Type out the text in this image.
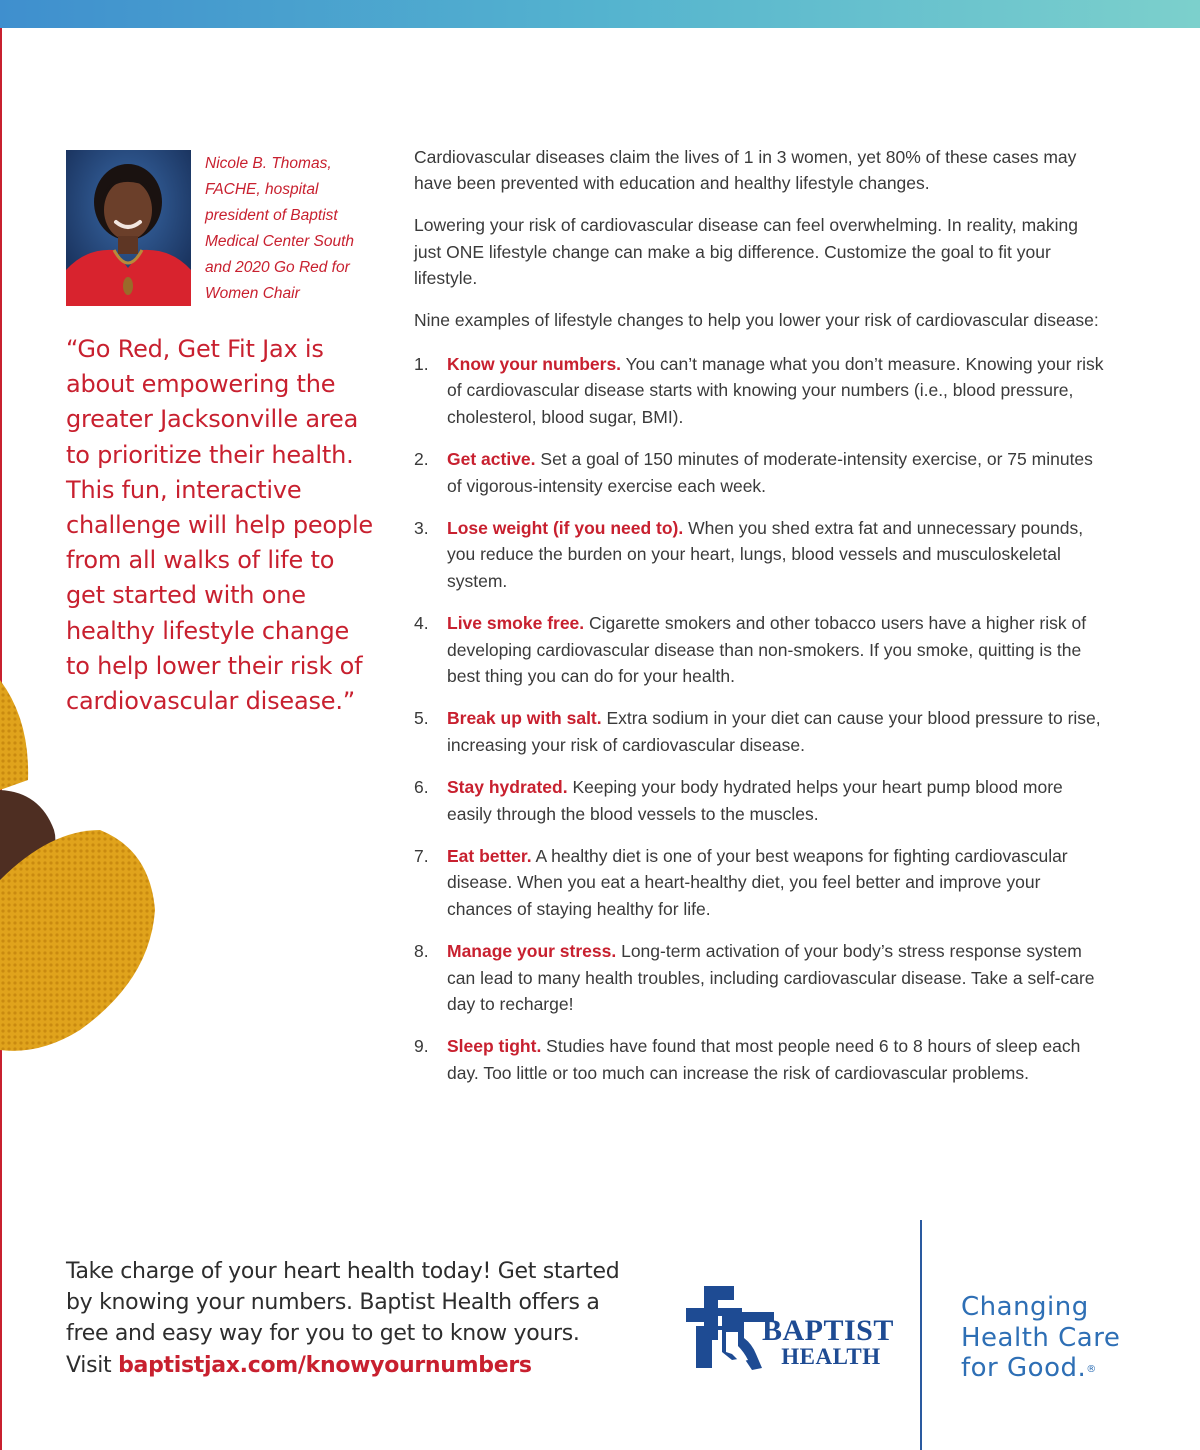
Nicole B. Thomas, FACHE, hospital president of Baptist Medical Center South and 2020 Go Red for Women Chair
“Go Red, Get Fit Jax is about empowering the greater Jacksonville area to prioritize their health. This fun, interactive challenge will help people from all walks of life to get started with one healthy lifestyle change to help lower their risk of cardiovascular disease.”

Cardiovascular diseases claim the lives of 1 in 3 women, yet 80% of these cases may have been prevented with education and healthy lifestyle changes.

Lowering your risk of cardiovascular disease can feel overwhelming. In reality, making just ONE lifestyle change can make a big difference. Customize the goal to fit your lifestyle.

Nine examples of lifestyle changes to help you lower your risk of cardiovascular disease:

1. Know your numbers. You can’t manage what you don’t measure. Knowing your risk of cardiovascular disease starts with knowing your numbers (i.e., blood pressure, cholesterol, blood sugar, BMI).
2. Get active. Set a goal of 150 minutes of moderate-intensity exercise, or 75 minutes of vigorous-intensity exercise each week.
3. Lose weight (if you need to). When you shed extra fat and unnecessary pounds, you reduce the burden on your heart, lungs, blood vessels and musculoskeletal system.
4. Live smoke free. Cigarette smokers and other tobacco users have a higher risk of developing cardiovascular disease than non-smokers. If you smoke, quitting is the best thing you can do for your health.
5. Break up with salt. Extra sodium in your diet can cause your blood pressure to rise, increasing your risk of cardiovascular disease.
6. Stay hydrated. Keeping your body hydrated helps your heart pump blood more easily through the blood vessels to the muscles.
7. Eat better. A healthy diet is one of your best weapons for fighting cardiovascular disease. When you eat a heart-healthy diet, you feel better and improve your chances of staying healthy for life.
8. Manage your stress. Long-term activation of your body’s stress response system can lead to many health troubles, including cardiovascular disease. Take a self-care day to recharge!
9. Sleep tight. Studies have found that most people need 6 to 8 hours of sleep each day. Too little or too much can increase the risk of cardiovascular problems.
Take charge of your heart health today! Get started by knowing your numbers. Baptist Health offers a free and easy way for you to get to know yours. Visit baptistjax.com/knowyournumbers
BAPTIST
HEALTH
Changing
Health Care
for Good.®
